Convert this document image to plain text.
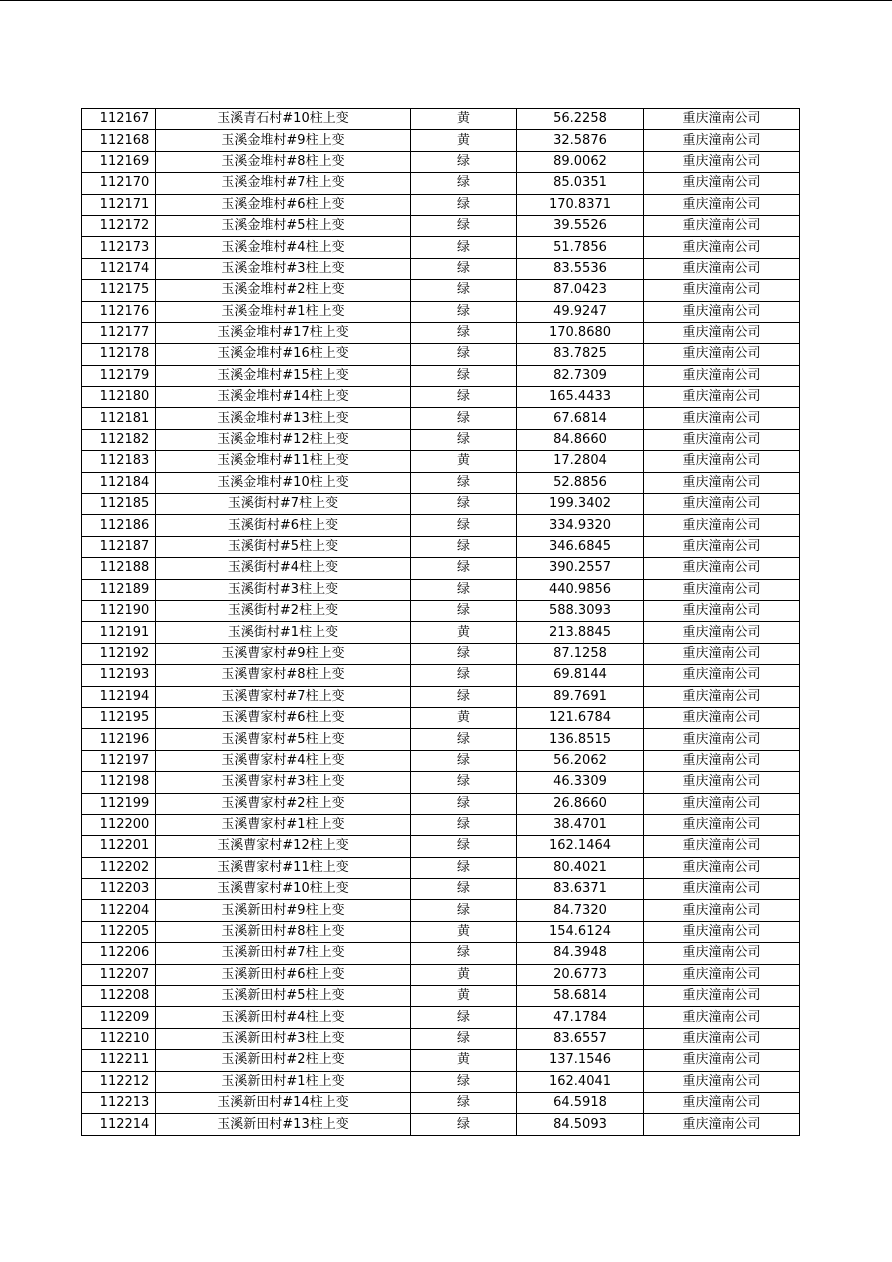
112167	玉溪青石村#10柱上变	黄	56.2258	重庆潼南公司
112168	玉溪金堆村#9柱上变	黄	32.5876	重庆潼南公司
112169	玉溪金堆村#8柱上变	绿	89.0062	重庆潼南公司
112170	玉溪金堆村#7柱上变	绿	85.0351	重庆潼南公司
112171	玉溪金堆村#6柱上变	绿	170.8371	重庆潼南公司
112172	玉溪金堆村#5柱上变	绿	39.5526	重庆潼南公司
112173	玉溪金堆村#4柱上变	绿	51.7856	重庆潼南公司
112174	玉溪金堆村#3柱上变	绿	83.5536	重庆潼南公司
112175	玉溪金堆村#2柱上变	绿	87.0423	重庆潼南公司
112176	玉溪金堆村#1柱上变	绿	49.9247	重庆潼南公司
112177	玉溪金堆村#17柱上变	绿	170.8680	重庆潼南公司
112178	玉溪金堆村#16柱上变	绿	83.7825	重庆潼南公司
112179	玉溪金堆村#15柱上变	绿	82.7309	重庆潼南公司
112180	玉溪金堆村#14柱上变	绿	165.4433	重庆潼南公司
112181	玉溪金堆村#13柱上变	绿	67.6814	重庆潼南公司
112182	玉溪金堆村#12柱上变	绿	84.8660	重庆潼南公司
112183	玉溪金堆村#11柱上变	黄	17.2804	重庆潼南公司
112184	玉溪金堆村#10柱上变	绿	52.8856	重庆潼南公司
112185	玉溪街村#7柱上变	绿	199.3402	重庆潼南公司
112186	玉溪街村#6柱上变	绿	334.9320	重庆潼南公司
112187	玉溪街村#5柱上变	绿	346.6845	重庆潼南公司
112188	玉溪街村#4柱上变	绿	390.2557	重庆潼南公司
112189	玉溪街村#3柱上变	绿	440.9856	重庆潼南公司
112190	玉溪街村#2柱上变	绿	588.3093	重庆潼南公司
112191	玉溪街村#1柱上变	黄	213.8845	重庆潼南公司
112192	玉溪曹家村#9柱上变	绿	87.1258	重庆潼南公司
112193	玉溪曹家村#8柱上变	绿	69.8144	重庆潼南公司
112194	玉溪曹家村#7柱上变	绿	89.7691	重庆潼南公司
112195	玉溪曹家村#6柱上变	黄	121.6784	重庆潼南公司
112196	玉溪曹家村#5柱上变	绿	136.8515	重庆潼南公司
112197	玉溪曹家村#4柱上变	绿	56.2062	重庆潼南公司
112198	玉溪曹家村#3柱上变	绿	46.3309	重庆潼南公司
112199	玉溪曹家村#2柱上变	绿	26.8660	重庆潼南公司
112200	玉溪曹家村#1柱上变	绿	38.4701	重庆潼南公司
112201	玉溪曹家村#12柱上变	绿	162.1464	重庆潼南公司
112202	玉溪曹家村#11柱上变	绿	80.4021	重庆潼南公司
112203	玉溪曹家村#10柱上变	绿	83.6371	重庆潼南公司
112204	玉溪新田村#9柱上变	绿	84.7320	重庆潼南公司
112205	玉溪新田村#8柱上变	黄	154.6124	重庆潼南公司
112206	玉溪新田村#7柱上变	绿	84.3948	重庆潼南公司
112207	玉溪新田村#6柱上变	黄	20.6773	重庆潼南公司
112208	玉溪新田村#5柱上变	黄	58.6814	重庆潼南公司
112209	玉溪新田村#4柱上变	绿	47.1784	重庆潼南公司
112210	玉溪新田村#3柱上变	绿	83.6557	重庆潼南公司
112211	玉溪新田村#2柱上变	黄	137.1546	重庆潼南公司
112212	玉溪新田村#1柱上变	绿	162.4041	重庆潼南公司
112213	玉溪新田村#14柱上变	绿	64.5918	重庆潼南公司
112214	玉溪新田村#13柱上变	绿	84.5093	重庆潼南公司
